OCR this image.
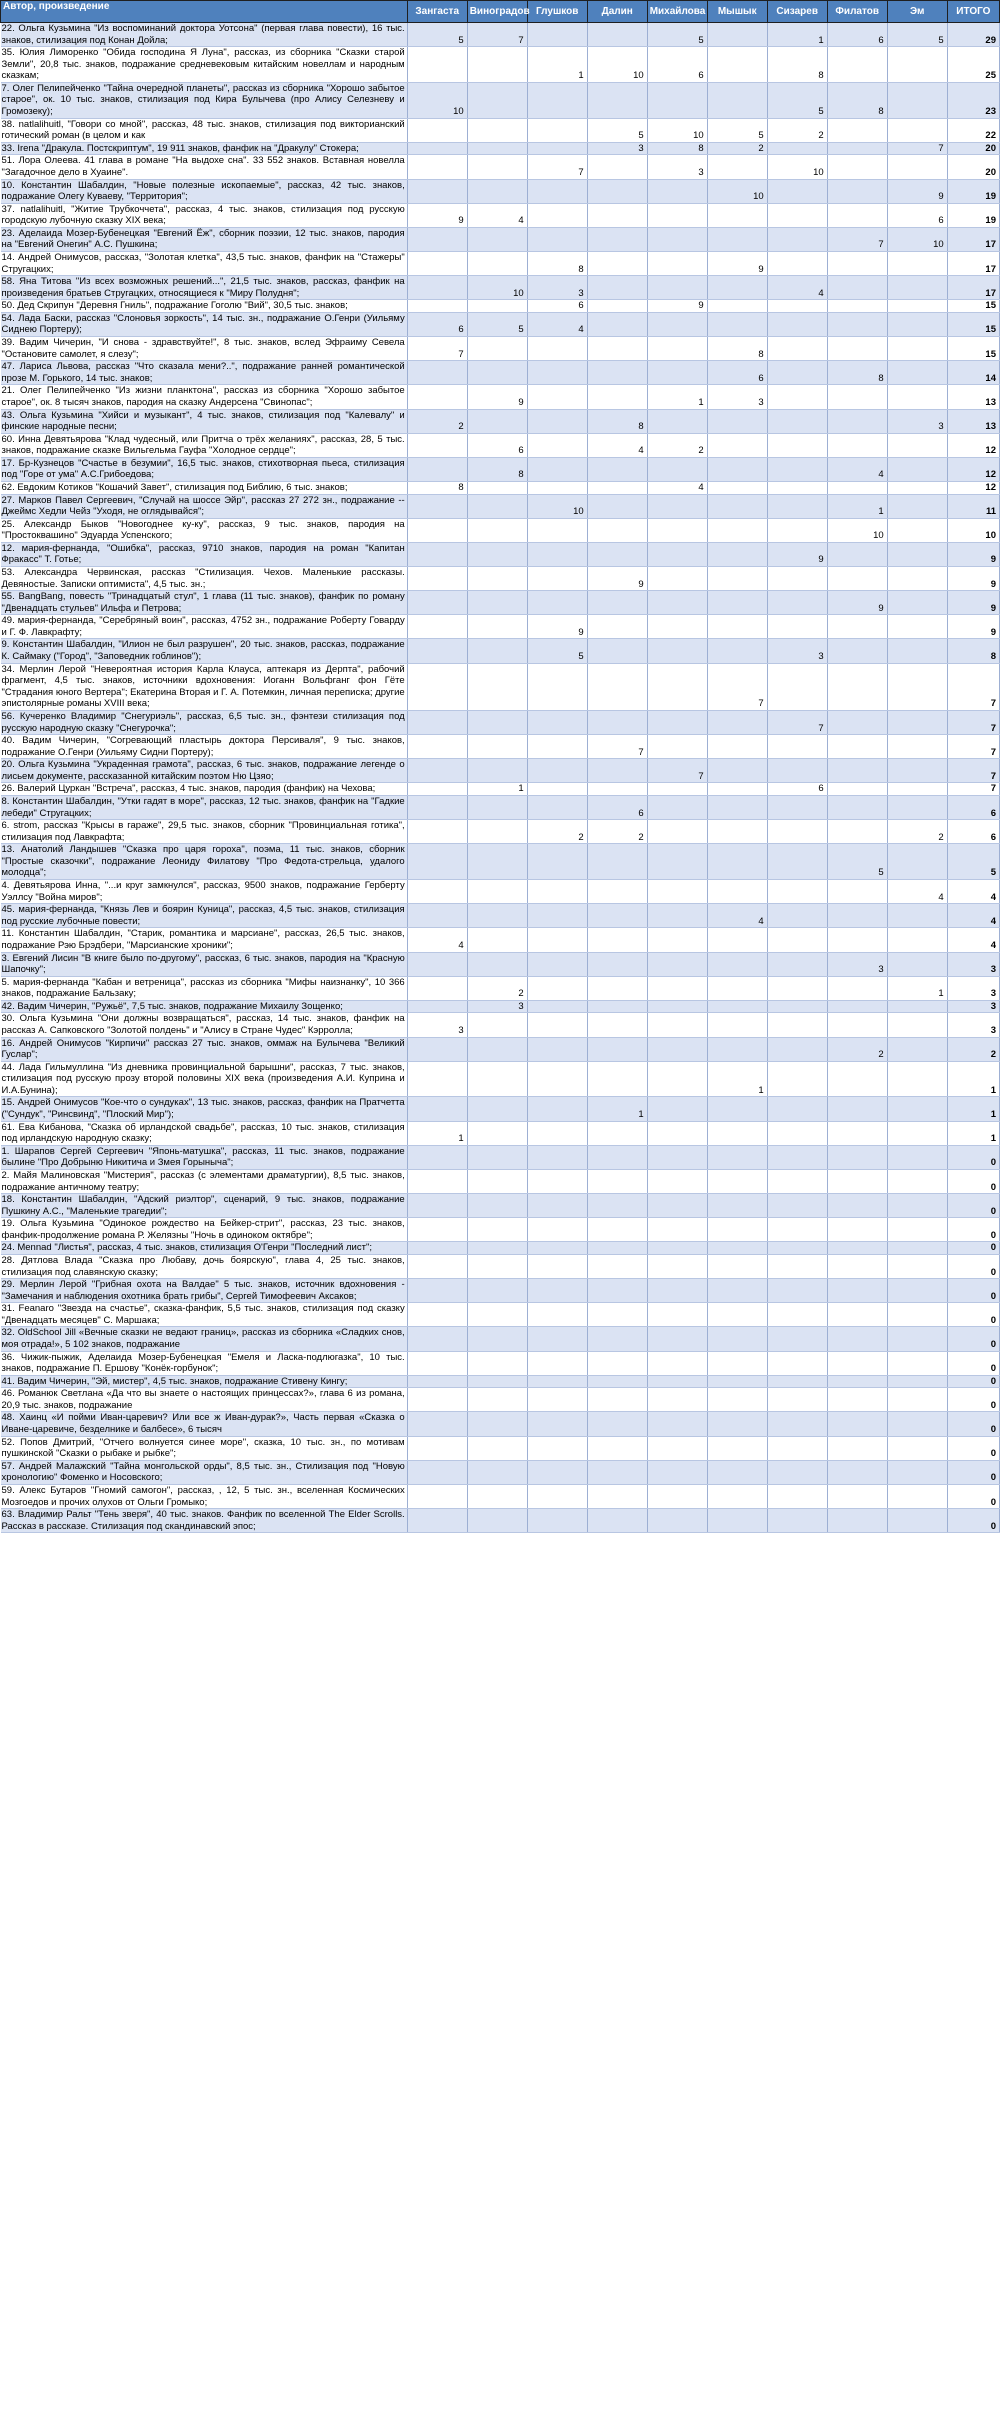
Автор, произведение	Зангаста	Виноградов	Глушков	Далин	Михайлова	Мышык	Сизарев	Филатов	Эм	ИТОГО
22. Ольга Кузьмина "Из воспоминаний доктора Уотсона" (первая глава повести), 16 тыс. знаков, стилизация под Конан Дойла;	5	7			5		1	6	5	29
35. Юлия Лиморенко "Обида господина Я Луна", рассказ, из сборника "Сказки старой Земли", 20,8 тыс. знаков, подражание средневековым китайским новеллам и народным сказкам;			1	10	6		8			25
7. Олег Пелипейченко "Тайна очередной планеты", рассказ из сборника "Хорошо забытое старое", ок. 10 тыс. знаков, стилизация под Кира Булычева (про Алису Селезневу и Громозеку);	10						5	8		23
38. natlalihuitl, "Говори со мной", рассказ, 48 тыс. знаков, стилизация под викторианский готический роман (в целом и как				5	10	5	2			22
33. Irena "Дракула. Постскриптум", 19 911 знаков, фанфик на "Дракулу" Стокера;				3	8	2			7	20
51. Лора Олеева. 41 глава в романе "На выдохе сна". 33 552 знаков. Вставная новелла "Загадочное дело в Хуаине".			7		3		10			20
10. Константин Шабалдин, "Новые полезные ископаемые", рассказ, 42 тыс. знаков, подражание Олегу Куваеву, "Территория";						10			9	19
37. natlalihuitl, "Житие Трубкоччета", рассказ, 4 тыс. знаков, стилизация под русскую городскую лубочную сказку XIX века;	9	4							6	19
23. Аделаида Мозер-Бубенецкая "Евгений Ёж", сборник поэзии, 12 тыс. знаков, пародия на "Евгений Онегин" А.С. Пушкина;								7	10	17
14. Андрей Онимусов, рассказ, "Золотая клетка", 43,5 тыс. знаков, фанфик на "Стажеры" Стругацких;			8			9				17
58. Яна Титова "Из всех возможных решений...", 21,5 тыс. знаков, рассказ, фанфик на произведения братьев Стругацких, относящиеся к "Миру Полудня";		10	3				4			17
50. Дед Скрипун "Деревня Гниль", подражание Гоголю "Вий", 30,5 тыс. знаков;			6		9					15
54. Лада Баски, рассказ "Слоновья зоркость", 14 тыс. зн., подражание О.Генри (Уильяму Сиднею Портеру);	6	5	4							15
39. Вадим Чичерин, "И снова - здравствуйте!", 8 тыс. знаков, вслед Эфраиму Севела "Остановите самолет, я слезу";	7					8				15
47. Лариса Львова, рассказ "Что сказала мени?..", подражание ранней романтической прозе М. Горького, 14 тыс. знаков;						6		8		14
21. Олег Пелипейченко "Из жизни планктона", рассказ из сборника "Хорошо забытое старое", ок. 8 тысяч знаков, пародия на сказку Андерсена "Свинопас";		9			1	3				13
43. Ольга Кузьмина "Хийси и музыкант", 4 тыс. знаков, стилизация под "Калевалу" и финские народные песни;	2			8					3	13
60. Инна Девятьярова "Клад чудесный, или Притча о трёх желаниях", рассказ, 28, 5 тыс. знаков, подражание сказке Вильгельма Гауфа "Холодное сердце";		6		4	2					12
17. Бр-Кузнецов "Счастье в безумии", 16,5 тыс. знаков, стихотворная пьеса, стилизация под "Горе от ума" А.С.Грибоедова;		8						4		12
62. Евдоким Котиков "Кошачий Завет", стилизация под Библию, 6 тыс. знаков;	8				4					12
27. Марков Павел Сергеевич, "Случай на шоссе Эйр", рассказ 27 272 зн., подражание -- Джеймс Хедли Чейз "Уходя, не оглядывайся";			10					1		11
25. Александр Быков "Новогоднее ку-ку", рассказ, 9 тыс. знаков, пародия на "Простоквашино" Эдуарда Успенского;								10		10
12. мария-фернанда, "Ошибка", рассказ, 9710 знаков, пародия на роман "Капитан Фракасс" Т. Готье;							9			9
53. Александра Червинская, рассказ "Стилизация. Чехов. Маленькие рассказы. Девяностые. Записки оптимиста", 4,5 тыс. зн.;				9						9
55. BangBang, повесть "Тринадцатый стул", 1 глава (11 тыс. знаков), фанфик по роману "Двенадцать стульев" Ильфа и Петрова;								9		9
49. мария-фернанда, "Серебряный воин", рассказ, 4752 зн., подражание Роберту Говарду и Г. Ф. Лавкрафту;			9							9
9. Константин Шабалдин, "Илион не был разрушен", 20 тыс. знаков, рассказ, подражание К. Саймаку ("Город", "Заповедник гоблинов");			5				3			8
34. Мерлин Лерой "Невероятная история Карла Клауса, аптекаря из Дерпта", рабочий фрагмент, 4,5 тыс. знаков, источники вдохновения: Иоганн Вольфганг фон Гёте "Страдания юного Вертера"; Екатерина Вторая и Г. А. Потемкин, личная переписка; другие эпистолярные романы XVIII века;						7				7
56. Кучеренко Владимир "Снегуриэль", рассказ, 6,5 тыс. зн., фэнтези стилизация под русскую народную сказку "Снегурочка";							7			7
40. Вадим Чичерин, "Согревающий пластырь доктора Персиваля", 9 тыс. знаков, подражание О.Генри (Уильяму Сидни Портеру);				7						7
20. Ольга Кузьмина "Украденная грамота", рассказ, 6 тыс. знаков, подражание легенде о лисьем документе, рассказанной китайским поэтом Ню Цзяо;					7					7
26. Валерий Цуркан "Встреча", рассказ, 4 тыс. знаков, пародия (фанфик) на Чехова;		1					6			7
8. Константин Шабалдин, "Утки гадят в море", рассказ, 12 тыс. знаков, фанфик на "Гадкие лебеди" Стругацких;				6						6
6. strom, рассказ "Крысы в гараже", 29,5 тыс. знаков, сборник "Провинциальная готика", стилизация под Лавкрафта;			2	2					2	6
13. Анатолий Ландышев "Сказка про царя гороха", поэма, 11 тыс. знаков, сборник "Простые сказочки", подражание Леониду Филатову "Про Федота-стрельца, удалого молодца";								5		5
4. Девятьярова Инна, "...и круг замкнулся", рассказ, 9500 знаков, подражание Герберту Уэллсу "Война миров";									4	4
45. мария-фернанда, "Князь Лев и боярин Куница", рассказ, 4,5 тыс. знаков, стилизация под русские лубочные повести;						4				4
11. Константин Шабалдин, "Старик, романтика и марсиане", рассказ, 26,5 тыс. знаков, подражание Рэю Брэдбери, "Марсианские хроники";	4									4
3. Евгений Лисин "В книге было по-другому", рассказ, 6 тыс. знаков, пародия на "Красную Шапочку";								3		3
5. мария-фернанда "Кабан и ветреница", рассказ из сборника "Мифы наизнанку", 10 366 знаков, подражание Бальзаку;		2							1	3
42. Вадим Чичерин, "Ружьё", 7,5 тыс. знаков, подражание Михаилу Зощенко;		3								3
30. Ольга Кузьмина "Они должны возвращаться", рассказ, 14 тыс. знаков, фанфик на рассказ А. Сапковского "Золотой полдень" и "Алису в Стране Чудес" Кэрролла;	3									3
16. Андрей Онимусов "Кирпичи" рассказ 27 тыс. знаков, оммаж на Булычева "Великий Гуслар";								2		2
44. Лада Гильмуллина "Из дневника провинциальной барышни", рассказ, 7 тыс. знаков, стилизация под русскую прозу второй половины XIX века (произведения А.И. Куприна и И.А.Бунина);						1				1
15. Андрей Онимусов "Кое-что о сундуках", 13 тыс. знаков, рассказ, фанфик на Пратчетта ("Сундук", "Ринсвинд", "Плоский Мир");				1						1
61. Ева Кибанова, "Сказка об ирландской свадьбе", рассказ, 10 тыс. знаков, стилизация под ирландскую народную сказку;	1									1
1. Шарапов Сергей Сергеевич "Японь-матушка", рассказ, 11 тыс. знаков, подражание былине "Про Добрыню Никитича и Змея Горыныча";										0
2. Майя Малиновская "Мистерия", рассказ (с элементами драматургии), 8,5 тыс. знаков, подражание античному театру;										0
18. Константин Шабалдин, "Адский риэлтор", сценарий, 9 тыс. знаков, подражание Пушкину А.С., "Маленькие трагедии";										0
19. Ольга Кузьмина "Одинокое рождество на Бейкер-стрит", рассказ, 23 тыс. знаков, фанфик-продолжение романа Р. Желязны "Ночь в одиноком октябре";										0
24. Mennad "Листья", рассказ, 4 тыс. знаков, стилизация О'Генри "Последний лист";										0
28. Дятлова Влада "Сказка про Любаву, дочь боярскую", глава 4, 25 тыс. знаков, стилизация под славянскую сказку;										0
29. Мерлин Лерой "Грибная охота на Валдае" 5 тыс. знаков, источник вдохновения - "Замечания и наблюдения охотника брать грибы", Сергей Тимофеевич Аксаков;										0
31. Feanaro "Звезда на счастье", сказка-фанфик, 5,5 тыс. знаков, стилизация под сказку "Двенадцать месяцев" С. Маршака;										0
32. OldSchool Jill «Вечные сказки не ведают границ», рассказ из сборника «Сладких снов, моя отрада!», 5 102 знаков, подражание										0
36. Чижик-пыжик, Аделаида Мозер-Бубенецкая "Емеля и Ласка-подлюгазка", 10 тыс. знаков, подражание П. Ершову "Конёк-горбунок";										0
41. Вадим Чичерин, "Эй, мистер", 4,5 тыс. знаков, подражание Стивену Кингу;										0
46. Романюк Светлана «Да что вы знаете о настоящих принцессах?», глава 6 из романа, 20,9 тыс. знаков, подражание										0
48. Хаинц «И пойми Иван-царевич? Или все ж Иван-дурак?», Часть первая «Сказка о Иване-царевиче, безделнике и балбесе», 6 тысяч										0
52. Попов Дмитрий, "Отчего волнуется синее море", сказка, 10 тыс. зн., по мотивам пушкинской "Сказки о рыбаке и рыбке";										0
57. Андрей Малажский "Тайна монгольской орды", 8,5 тыс. зн., Стилизация под "Новую хронологию" Фоменко и Носовского;										0
59. Алекс Бутаров "Гномий самогон", рассказ, , 12, 5 тыс. зн., вселенная Космических Мозгоедов и прочих олухов от Ольги Громыко;										0
63. Владимир Ральт "Тень зверя", 40 тыс. знаков. Фанфик по вселенной The Elder Scrolls. Рассказ в рассказе. Стилизация под скандинавский эпос;										0
